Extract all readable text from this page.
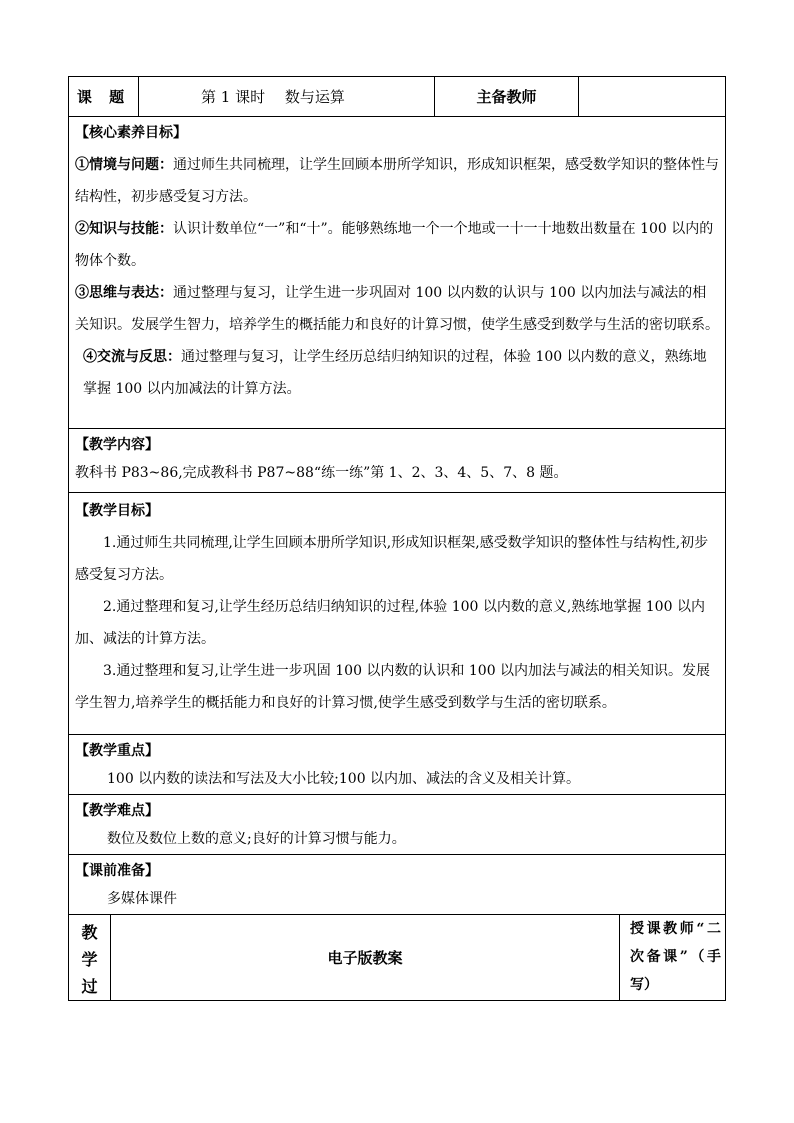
课 题	第 1 课时　 数与运算	主备教师
【核心素养目标】

①情境与问题：通过师生共同梳理，让学生回顾本册所学知识，形成知识框架，感受数学知识的整体性与结构性，初步感受复习方法。

②知识与技能：认识计数单位“一”和“十”。能够熟练地一个一个地或一十一十地数出数量在 100 以内的物体个数。

③思维与表达：通过整理与复习，让学生进一步巩固对 100 以内数的认识与 100 以内加法与减法的相关知识。发展学生智力，培养学生的概括能力和良好的计算习惯，使学生感受到数学与生活的密切联系。

④交流与反思：通过整理与复习，让学生经历总结归纳知识的过程，体验 100 以内数的意义，熟练地掌握 100 以内加减法的计算方法。

【教学内容】

教科书 P83~86,完成教科书 P87~88“练一练”第 1、2、3、4、5、7、8 题。

【教学目标】

1.通过师生共同梳理,让学生回顾本册所学知识,形成知识框架,感受数学知识的整体性与结构性,初步感受复习方法。

2.通过整理和复习,让学生经历总结归纳知识的过程,体验 100 以内数的意义,熟练地掌握 100 以内加、减法的计算方法。

3.通过整理和复习,让学生进一步巩固 100 以内数的认识和 100 以内加法与减法的相关知识。发展学生智力,培养学生的概括能力和良好的计算习惯,使学生感受到数学与生活的密切联系。

【教学重点】

100 以内数的读法和写法及大小比较;100 以内加、减法的含义及相关计算。

【教学难点】

数位及数位上数的意义;良好的计算习惯与能力。

【课前准备】

多媒体课件

教
学
过
电子版教案
授课教师“二次备课”（手写）
